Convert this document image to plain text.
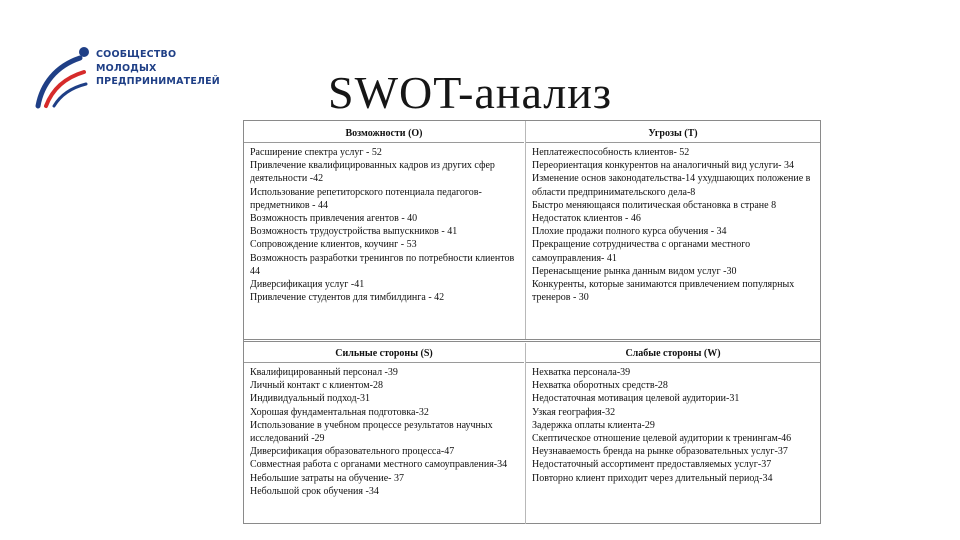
СООБЩЕСТВО
МОЛОДЫХ
ПРЕДПРИНИМАТЕЛЕЙ SWOT-анализ
Возможности (О)
Расширение спектра услуг - 52
Привлечение квалифицированных кадров из других сфер деятельности -42
Использование репетиторского потенциала педагогов-предметников - 44
Возможность привлечения агентов - 40
Возможность трудоустройства выпускников - 41
Сопровождение клиентов, коучинг - 53
Возможность разработки тренингов по потребности клиентов 44
Диверсификация услуг -41
Привлечение студентов для тимбилдинга - 42
Угрозы (Т)
Неплатежеспособность клиентов- 52
Переориентация конкурентов на аналогичный вид услуги- 34
Изменение основ законодательства-14 ухудшающих положение в области предпринимательского дела-8
Быстро меняющаяся политическая обстановка в стране 8
Недостаток клиентов - 46
Плохие продажи полного курса обучения - 34
Прекращение сотрудничества с органами местного самоуправления- 41
Перенасыщение рынка данным видом услуг -30
Конкуренты, которые занимаются привлечением популярных тренеров - 30
Сильные стороны (S)
Квалифицированный персонал -39
Личный контакт с клиентом-28
Индивидуальный подход-31
Хорошая фундаментальная подготовка-32
Использование в учебном процессе результатов научных исследований -29
Диверсификация образовательного процесса-47
Совместная работа с органами местного самоуправления-34
Небольшие затраты на обучение- 37
Небольшой срок обучения -34
Слабые стороны (W)
Нехватка персонала-39
Нехватка оборотных средств-28
Недостаточная мотивация целевой аудитории-31
Узкая география-32
Задержка оплаты клиента-29
Скептическое отношение целевой аудитории к тренингам-46
Неузнаваемость бренда на рынке образовательных услуг-37
Недостаточный ассортимент предоставляемых услуг-37
Повторно клиент приходит через длительный период-34
